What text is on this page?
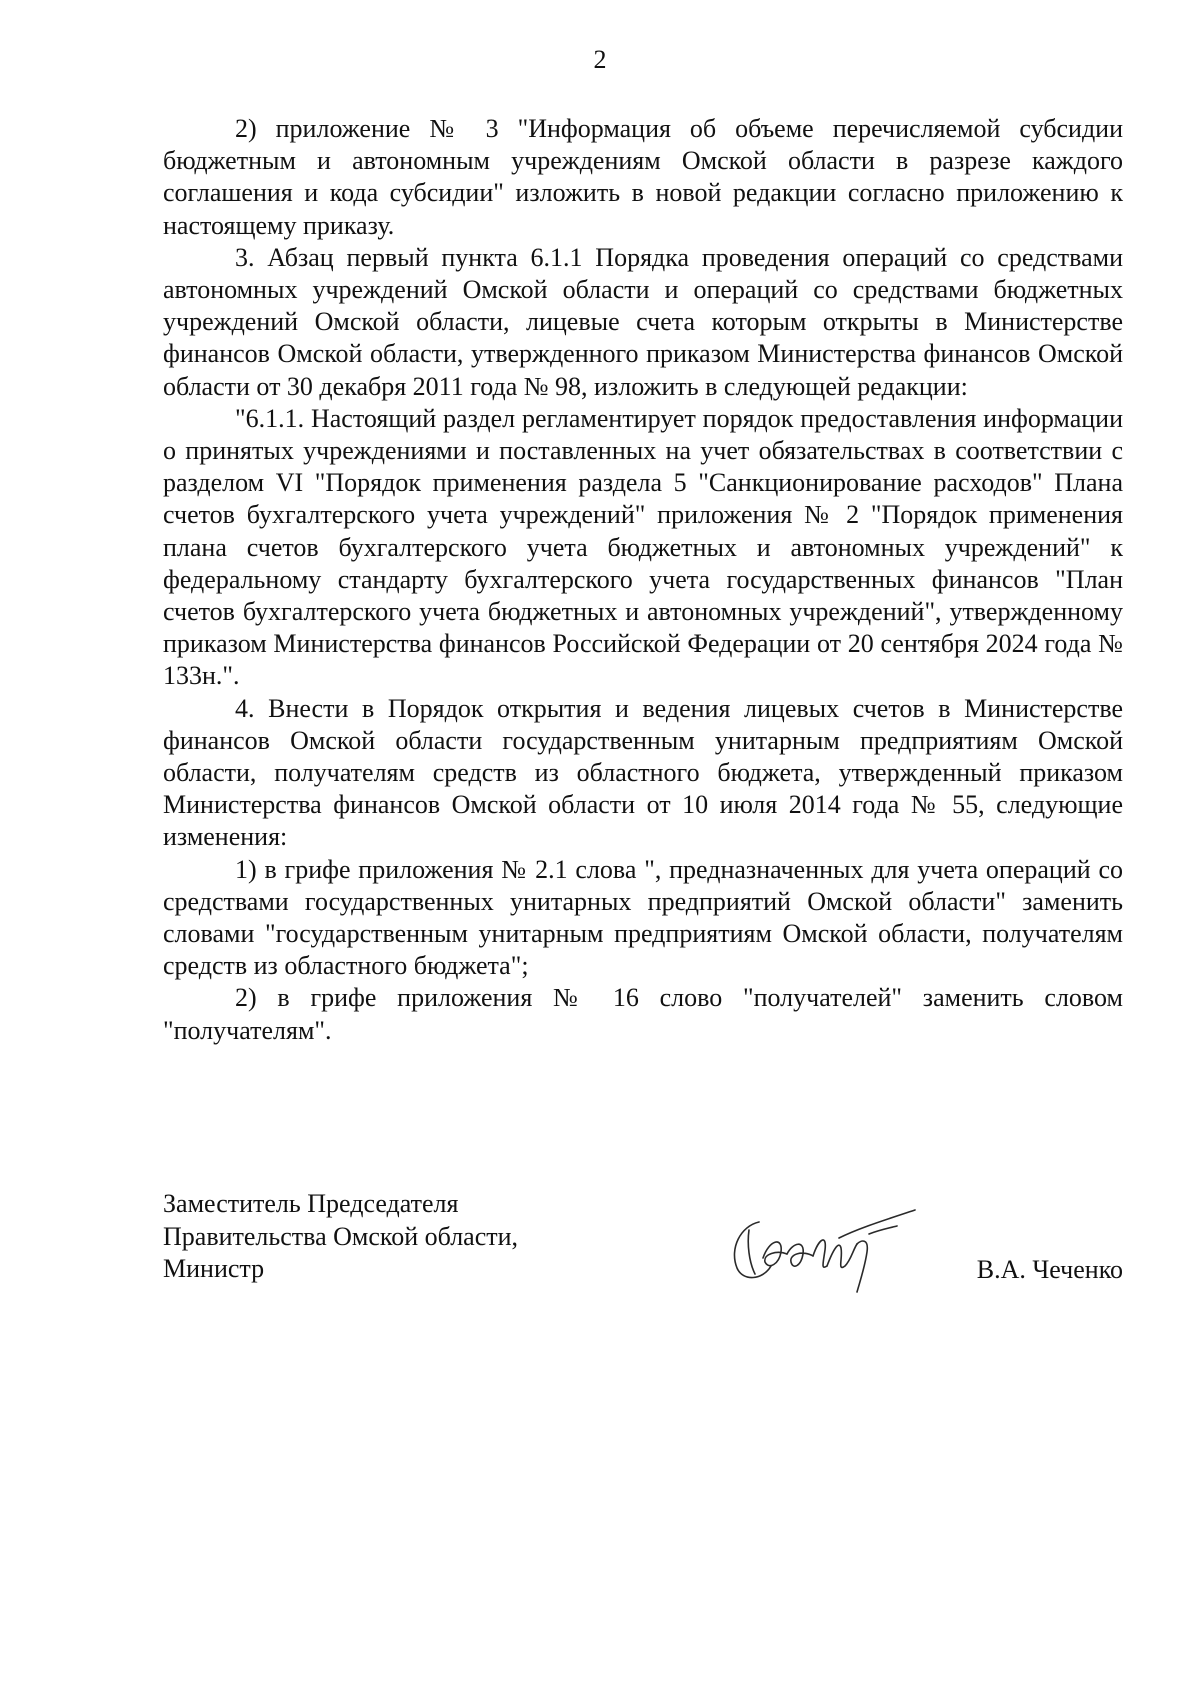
2

2) приложение № 3 "Информация об объеме перечисляемой субсидии бюджетным и автономным учреждениям Омской области в разрезе каждого соглашения и кода субсидии" изложить в новой редакции согласно приложению к настоящему приказу.

3. Абзац первый пункта 6.1.1 Порядка проведения операций со средствами автономных учреждений Омской области и операций со средствами бюджетных учреждений Омской области, лицевые счета которым открыты в Министерстве финансов Омской области, утвержденного приказом Министерства финансов Омской области от 30 декабря 2011 года № 98, изложить в следующей редакции:

"6.1.1. Настоящий раздел регламентирует порядок предоставления информации о принятых учреждениями и поставленных на учет обязательствах в соответствии с разделом VI "Порядок применения раздела 5 "Санкционирование расходов" Плана счетов бухгалтерского учета учреждений" приложения № 2 "Порядок применения плана счетов бухгалтерского учета бюджетных и автономных учреждений" к федеральному стандарту бухгалтерского учета государственных финансов "План счетов бухгалтерского учета бюджетных и автономных учреждений", утвержденному приказом Министерства финансов Российской Федерации от 20 сентября 2024 года № 133н.".

4. Внести в Порядок открытия и ведения лицевых счетов в Министерстве финансов Омской области государственным унитарным предприятиям Омской области, получателям средств из областного бюджета, утвержденный приказом Министерства финансов Омской области от 10 июля 2014 года № 55, следующие изменения:

1) в грифе приложения № 2.1 слова ", предназначенных для учета операций со средствами государственных унитарных предприятий Омской области" заменить словами "государственным унитарным предприятиям Омской области, получателям средств из областного бюджета";

2) в грифе приложения № 16 слово "получателей" заменить словом "получателям".

Заместитель Председателя
Правительства Омской области,
Министр	В.А. Чеченко
